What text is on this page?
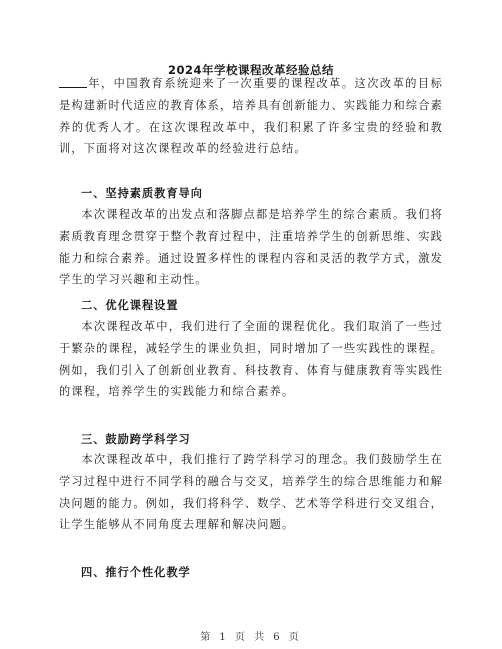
2024年学校课程改革经验总结

年，中国教育系统迎来了一次重要的课程改革。这次改革的目标是构建新时代适应的教育体系，培养具有创新能力、实践能力和综合素养的优秀人才。在这次课程改革中，我们积累了许多宝贵的经验和教训，下面将对这次课程改革的经验进行总结。

一、坚持素质教育导向

本次课程改革的出发点和落脚点都是培养学生的综合素质。我们将素质教育理念贯穿于整个教育过程中，注重培养学生的创新思维、实践能力和综合素养。通过设置多样性的课程内容和灵活的教学方式，激发学生的学习兴趣和主动性。

二、优化课程设置

本次课程改革中，我们进行了全面的课程优化。我们取消了一些过于繁杂的课程，减轻学生的课业负担，同时增加了一些实践性的课程。例如，我们引入了创新创业教育、科技教育、体育与健康教育等实践性的课程，培养学生的实践能力和综合素养。

三、鼓励跨学科学习

本次课程改革中，我们推行了跨学科学习的理念。我们鼓励学生在学习过程中进行不同学科的融合与交叉，培养学生的综合思维能力和解决问题的能力。例如，我们将科学、数学、艺术等学科进行交叉组合，让学生能够从不同角度去理解和解决问题。

四、推行个性化教学
第 1 页 共 6 页
